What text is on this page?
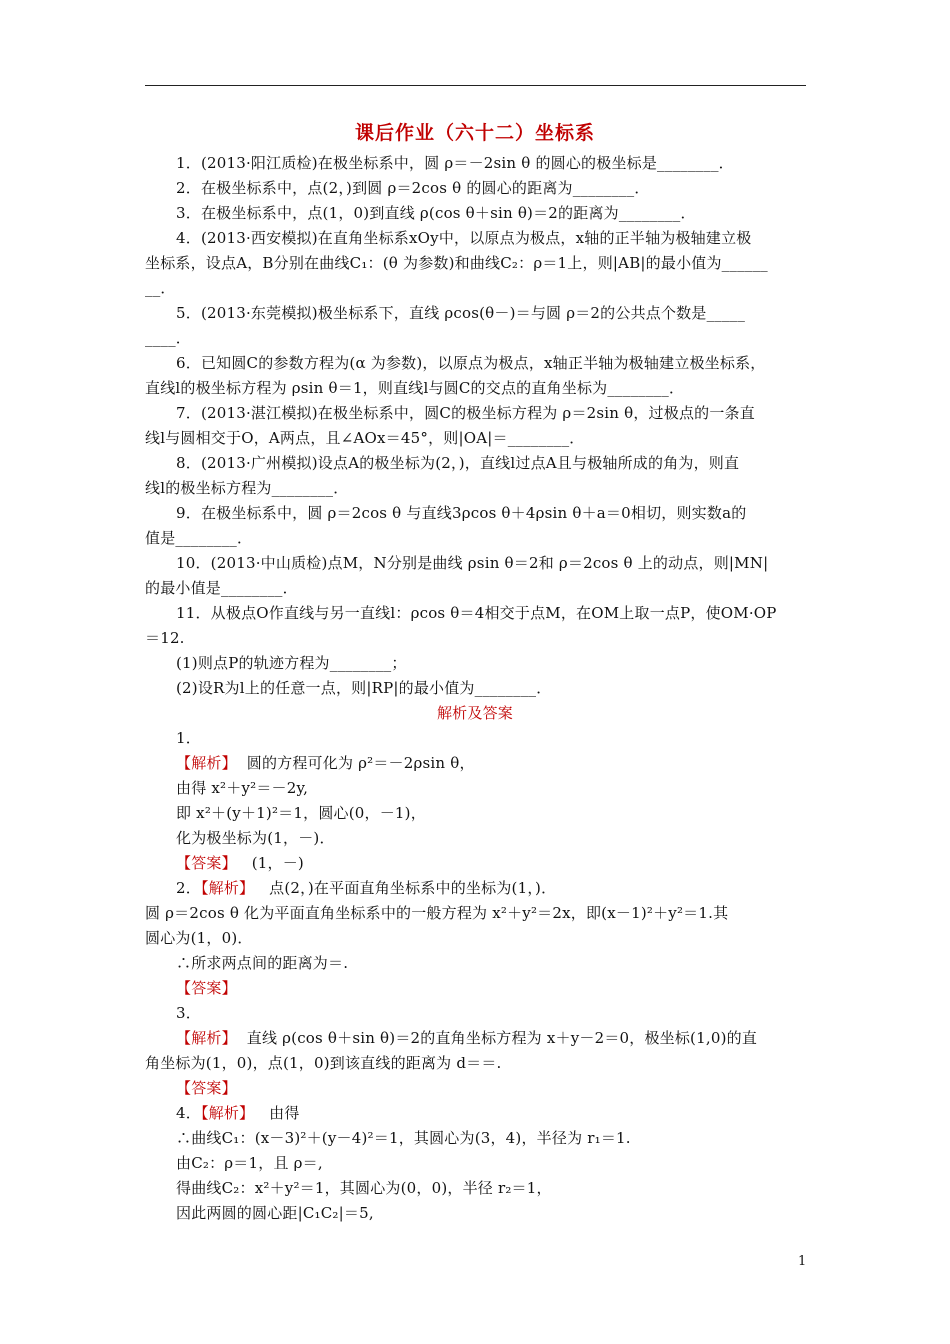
课后作业（六十二）坐标系
1．(2013·阳江质检)在极坐标系中，圆 ρ＝－2sin θ 的圆心的极坐标是________．
2．在极坐标系中，点(2，)到圆 ρ＝2cos θ 的圆心的距离为________．
3．在极坐标系中，点(1，0)到直线 ρ(cos θ＋sin θ)＝2的距离为________．
4．(2013·西安模拟)在直角坐标系xOy中，以原点为极点，x轴的正半轴为极轴建立极
坐标系，设点A，B分别在曲线C₁：(θ 为参数)和曲线C₂：ρ＝1上，则|AB|的最小值为______
__．
5．(2013·东莞模拟)极坐标系下，直线 ρcos(θ－)＝与圆 ρ＝2的公共点个数是_____
____．
6．已知圆C的参数方程为(α 为参数)，以原点为极点，x轴正半轴为极轴建立极坐标系，
直线l的极坐标方程为 ρsin θ＝1，则直线l与圆C的交点的直角坐标为________．
7．(2013·湛江模拟)在极坐标系中，圆C的极坐标方程为 ρ＝2sin θ，过极点的一条直
线l与圆相交于O，A两点，且∠AOx＝45°，则|OA|＝________．
8．(2013·广州模拟)设点A的极坐标为(2，)，直线l过点A且与极轴所成的角为，则直
线l的极坐标方程为________．
9．在极坐标系中，圆 ρ＝2cos θ 与直线3ρcos θ＋4ρsin θ＋a＝0相切，则实数a的
值是________．
10．(2013·中山质检)点M，N分别是曲线 ρsin θ＝2和 ρ＝2cos θ 上的动点，则|MN|
的最小值是________．
11．从极点O作直线与另一直线l：ρcos θ＝4相交于点M，在OM上取一点P，使OM·OP
＝12.
(1)则点P的轨迹方程为________；
(2)设R为l上的任意一点，则|RP|的最小值为________．
解析及答案
1．
【解析】 圆的方程可化为 ρ²＝－2ρsin θ，
由得 x²＋y²＝－2y,
即 x²＋(y＋1)²＝1，圆心(0，－1)，
化为极坐标为(1，－)．
【答案】 (1，－)
2．【解析】 点(2，)在平面直角坐标系中的坐标为(1，)．
圆 ρ＝2cos θ 化为平面直角坐标系中的一般方程为 x²＋y²＝2x，即(x－1)²＋y²＝1.其
圆心为(1，0)．
∴所求两点间的距离为＝.
【答案】
3．
【解析】 直线 ρ(cos θ＋sin θ)＝2的直角坐标方程为 x＋y－2＝0，极坐标(1,0)的直
角坐标为(1，0)，点(1，0)到该直线的距离为 d＝＝.
【答案】
4．【解析】 由得
∴曲线C₁：(x－3)²＋(y－4)²＝1，其圆心为(3，4)，半径为 r₁＝1.
由C₂：ρ＝1，且 ρ＝,
得曲线C₂：x²＋y²＝1，其圆心为(0，0)，半径 r₂＝1，
因此两圆的圆心距|C₁C₂|＝5,
1
